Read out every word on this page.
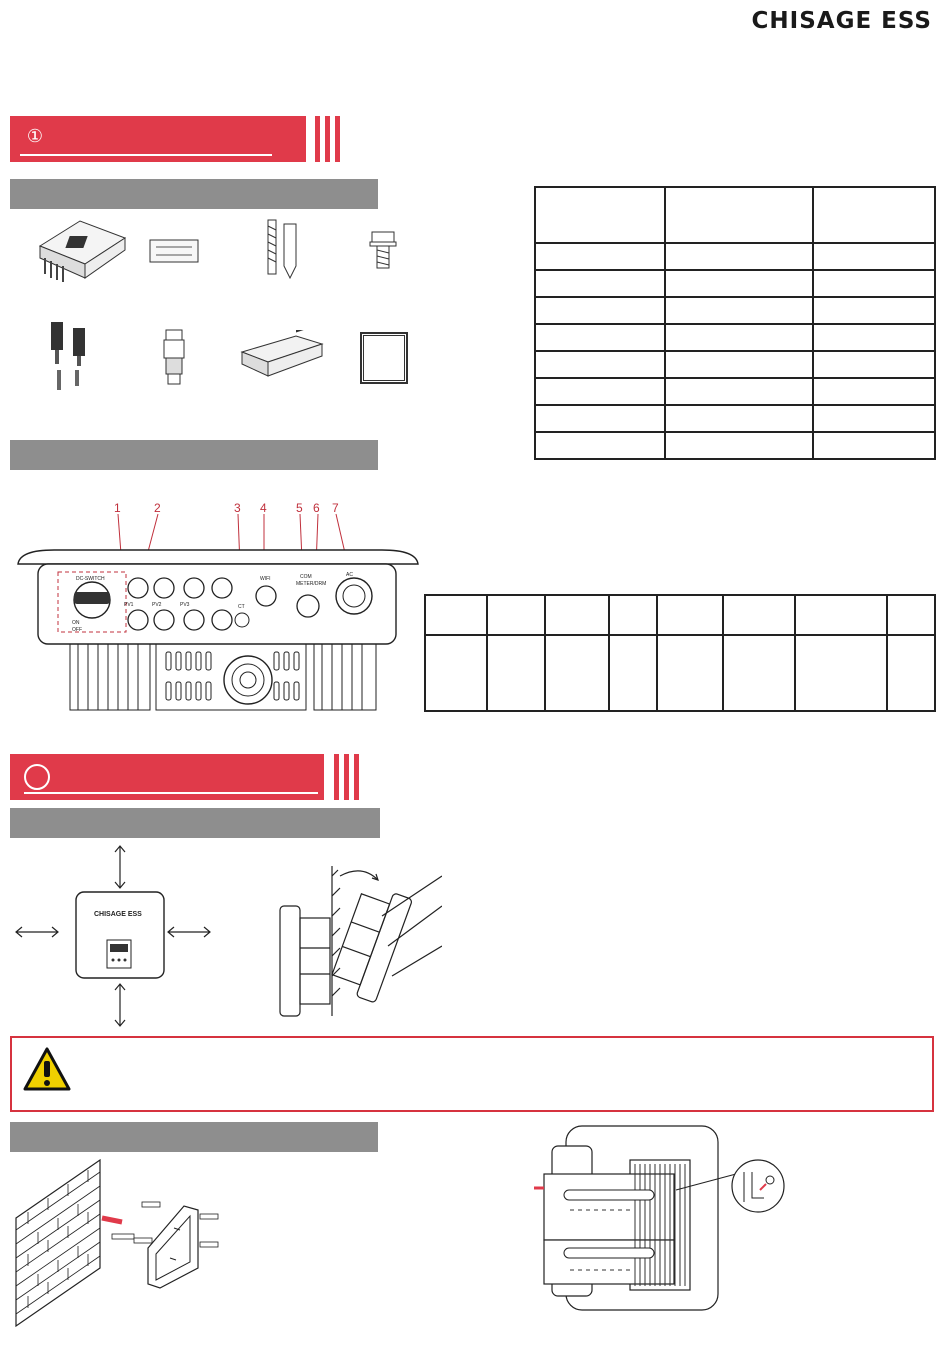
CHISAGE ESS
①

1	2	3 4 5 6 7
DC-SWITCH
ON
OFF
PV1	PV2	PV3	CT
WIFI	COM
METER/DRM
AC

CHISAGE ESS
